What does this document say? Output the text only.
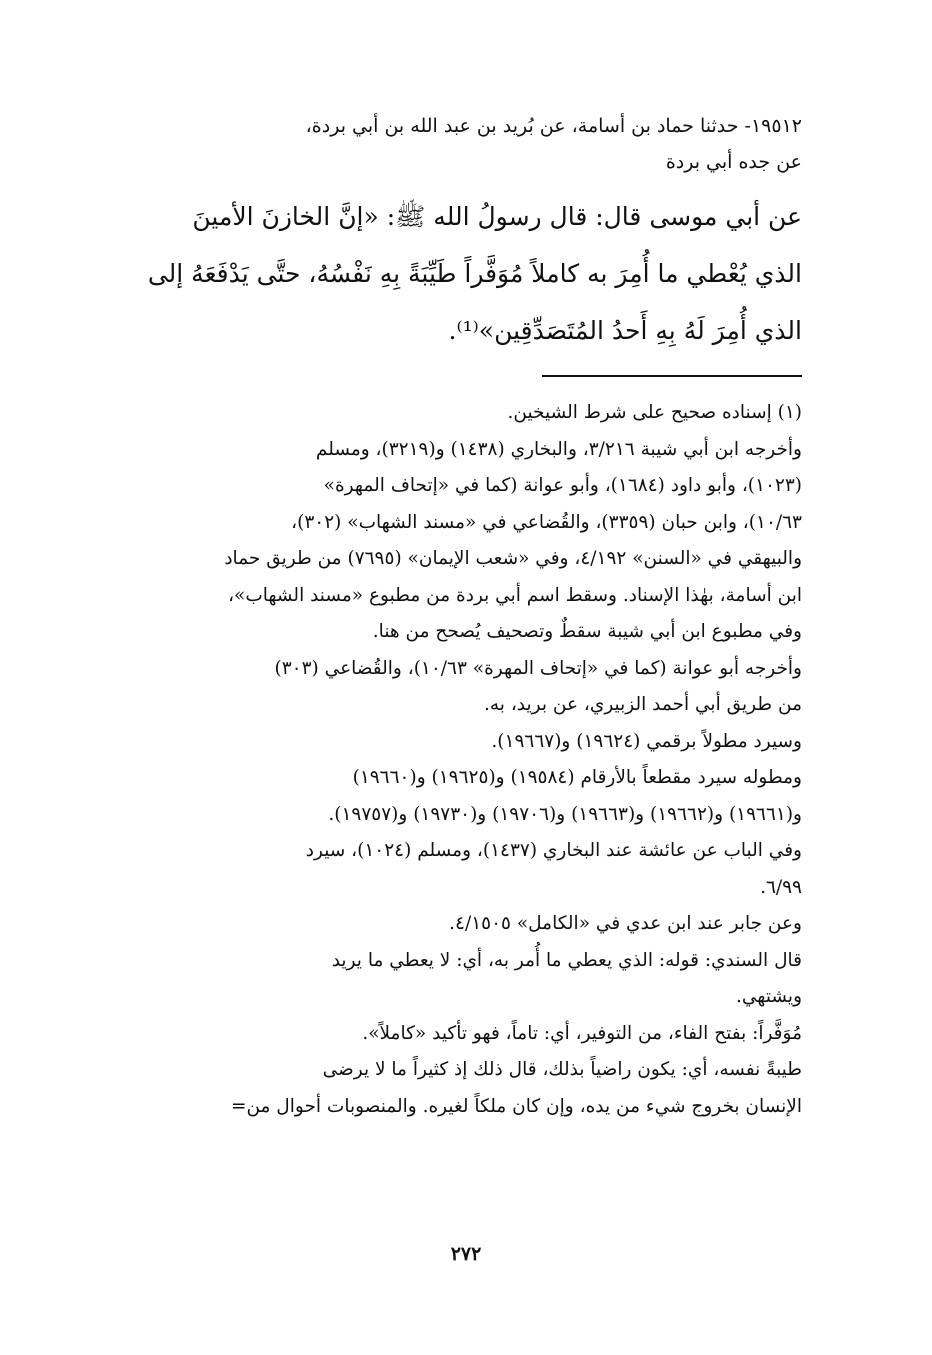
١٩٥١٢- حدثنا حماد بن أسامة، عن بُريد بن عبد الله بن أبي بردة،

عن جده أبي بردة

عن أبي موسى قال: قال رسولُ الله ﷺ: «إنَّ الخازنَ الأمينَ

الذي يُعْطي ما أُمِرَ به كاملاً مُوَفَّراً طَيِّبَةً بِهِ نَفْسُهُ، حتَّى يَدْفَعَهُ إلى

الذي أُمِرَ لَهُ بِهِ أَحدُ المُتَصَدِّقِين»⁽¹⁾.

(١) إسناده صحيح على شرط الشيخين.

وأخرجه ابن أبي شيبة ٣/٢١٦، والبخاري (١٤٣٨) و(٣٢١٩)، ومسلم

(١٠٢٣)، وأبو داود (١٦٨٤)، وأبو عوانة (كما في «إتحاف المهرة»

١٠/٦٣)، وابن حبان (٣٣٥٩)، والقُضاعي في «مسند الشهاب» (٣٠٢)،

والبيهقي في «السنن» ٤/١٩٢، وفي «شعب الإيمان» (٧٦٩٥) من طريق حماد

ابن أسامة، بهٰذا الإسناد. وسقط اسم أبي بردة من مطبوع «مسند الشهاب»،

وفي مطبوع ابن أبي شيبة سقطٌ وتصحيف يُصحح من هنا.

وأخرجه أبو عوانة (كما في «إتحاف المهرة» ١٠/٦٣)، والقُضاعي (٣٠٣)

من طريق أبي أحمد الزبيري، عن بريد، به.

وسيرد مطولاً برقمي (١٩٦٢٤) و(١٩٦٦٧).

ومطوله سيرد مقطعاً بالأرقام (١٩٥٨٤) و(١٩٦٢٥) و(١٩٦٦٠)

و(١٩٦٦١) و(١٩٦٦٢) و(١٩٦٦٣) و(١٩٧٠٦) و(١٩٧٣٠) و(١٩٧٥٧).

وفي الباب عن عائشة عند البخاري (١٤٣٧)، ومسلم (١٠٢٤)، سيرد

٦/٩٩.

وعن جابر عند ابن عدي في «الكامل» ٤/١٥٠٥.

قال السندي: قوله: الذي يعطي ما أُمر به، أي: لا يعطي ما يريد

ويشتهي.

مُوَفَّراً: بفتح الفاء، من التوفير، أي: تاماً، فهو تأكيد «كاملاً».

طيبةً نفسه، أي: يكون راضياً بذلك، قال ذلك إذ كثيراً ما لا يرضى

الإنسان بخروج شيء من يده، وإن كان ملكاً لغيره. والمنصوبات أحوال من=

٢٧٢
